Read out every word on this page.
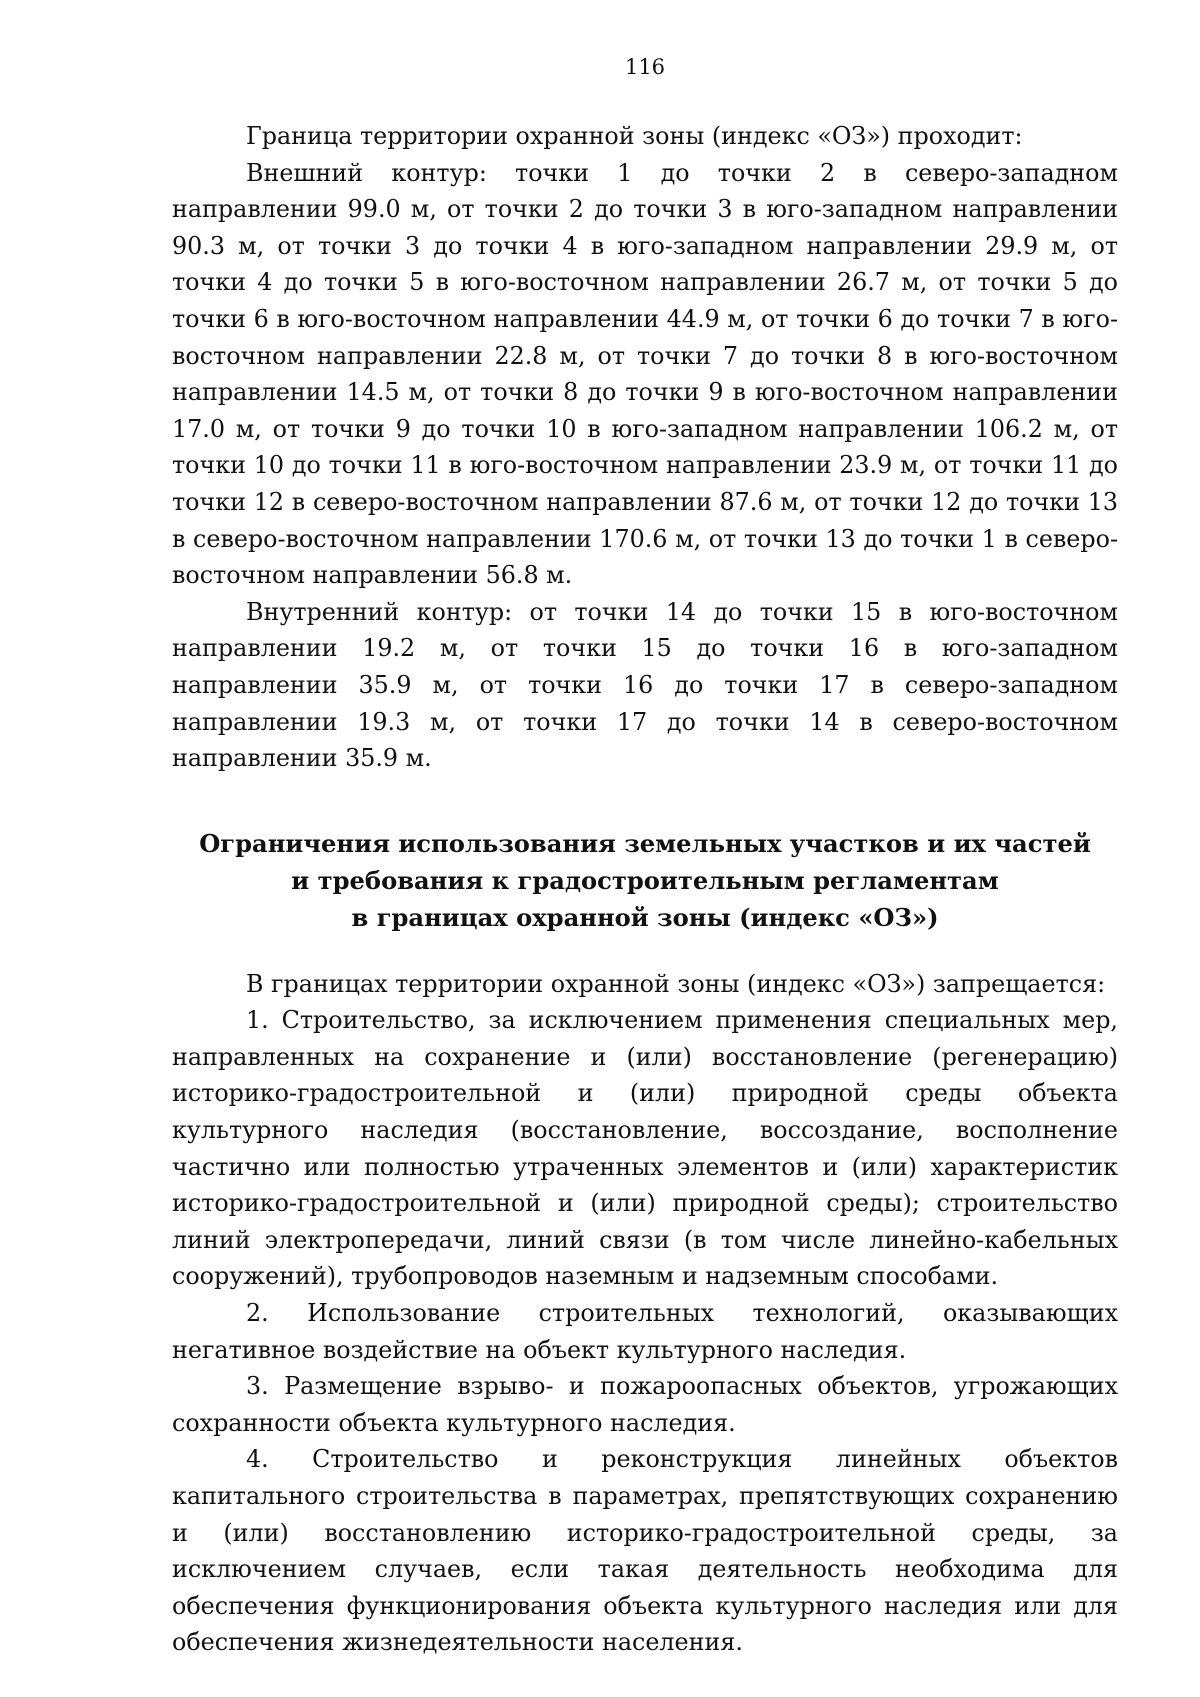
116

Граница территории охранной зоны (индекс «ОЗ») проходит:

Внешний контур: точки 1 до точки 2 в северо-западном направлении 99.0 м, от точки 2 до точки 3 в юго-западном направлении 90.3 м, от точки 3 до точки 4 в юго-западном направлении 29.9 м, от точки 4 до точки 5 в юго-восточном направлении 26.7 м, от точки 5 до точки 6 в юго-восточном направлении 44.9 м, от точки 6 до точки 7 в юго-восточном направлении 22.8 м, от точки 7 до точки 8 в юго-восточном направлении 14.5 м, от точки 8 до точки 9 в юго-восточном направлении 17.0 м, от точки 9 до точки 10 в юго-западном направлении 106.2 м, от точки 10 до точки 11 в юго-восточном направлении 23.9 м, от точки 11 до точки 12 в северо-восточном направлении 87.6 м, от точки 12 до точки 13 в северо-восточном направлении 170.6 м, от точки 13 до точки 1 в северо-восточном направлении 56.8 м.

Внутренний контур: от точки 14 до точки 15 в юго-восточном направлении 19.2 м, от точки 15 до точки 16 в юго-западном направлении 35.9 м, от точки 16 до точки 17 в северо-западном направлении 19.3 м, от точки 17 до точки 14 в северо-восточном направлении 35.9 м.

Ограничения использования земельных участков и их частей
и требования к градостроительным регламентам
в границах охранной зоны (индекс «ОЗ»)

В границах территории охранной зоны (индекс «ОЗ») запрещается:

1. Строительство, за исключением применения специальных мер, направленных на сохранение и (или) восстановление (регенерацию) историко-градостроительной и (или) природной среды объекта культурного наследия (восстановление, воссоздание, восполнение частично или полностью утраченных элементов и (или) характеристик историко-градостроительной и (или) природной среды); строительство линий электропередачи, линий связи (в том числе линейно-кабельных сооружений), трубопроводов наземным и надземным способами.

2. Использование строительных технологий, оказывающих негативное воздействие на объект культурного наследия.

3. Размещение взрыво- и пожароопасных объектов, угрожающих сохранности объекта культурного наследия.

4. Строительство и реконструкция линейных объектов капитального строительства в параметрах, препятствующих сохранению и (или) восстановлению историко-градостроительной среды, за исключением случаев, если такая деятельность необходима для обеспечения функционирования объекта культурного наследия или для обеспечения жизнедеятельности населения.
